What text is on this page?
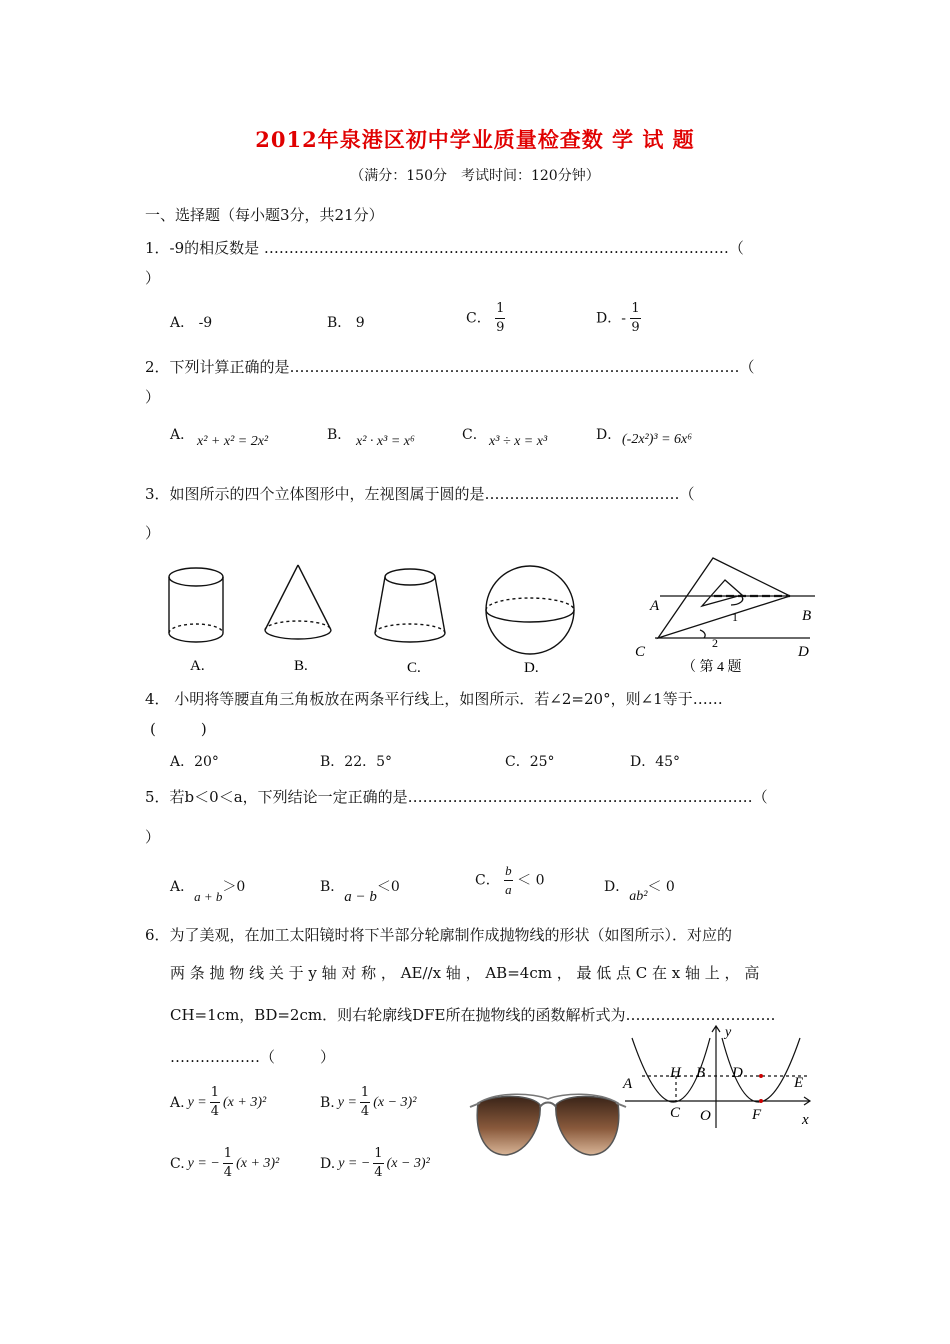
2012年泉港区初中学业质量检查数 学 试 题
（满分：150分　考试时间：120分钟）
一、选择题（每小题3分，共21分）
1．-9的相反数是 …………………………………………………………………………………（
）
A． -9	B． 9	C． $\frac{1}{9}$	D．- $\frac{1}{9}$
2．下列计算正确的是………………………………………………………………………………（
）
A． x² + x² = 2x²	B． x² · x³ = x⁶	C． x³ ÷ x = x³	D． (-2x²)³ = 6x⁶
3．如图所示的四个立体图形中，左视图属于圆的是…………………………………（
）
A.	B.	C.	D.
A
B
C	D
1
2
（ 第 4 题
4． 小明将等腰直角三角板放在两条平行线上，如图所示．若∠2=20°，则∠1等于……
(　　　)
A．20°	B．22．5°	C．25°	D．45°
5．若b＜0＜a，下列结论一定正确的是……………………………………………………………（
）
A．a + b＞0	B．a − b＜0	C． $\frac{b}{a} < 0$	D．ab²＜ 0
6．为了美观，在加工太阳镜时将下半部分轮廓制作成抛物线的形状（如图所示）．对应的
两 条 抛 物 线 关 于 y 轴 对 称 ， AE//x 轴 ， AB=4cm ， 最 低 点 C 在 x 轴 上 ， 高
CH=1cm，BD=2cm．则右轮廓线DFE所在抛物线的函数解析式为…………………………
………………（　　　）
A. $y = \frac{1}{4} (x + 3)^2$	B. $y = \frac{1}{4} (x - 3)^2$
C. y = − $\frac{1}{4} (x + 3)^2$	D. y = − $\frac{1}{4} (x - 3)^2$
y
A
H B D
E
C O	F	x
